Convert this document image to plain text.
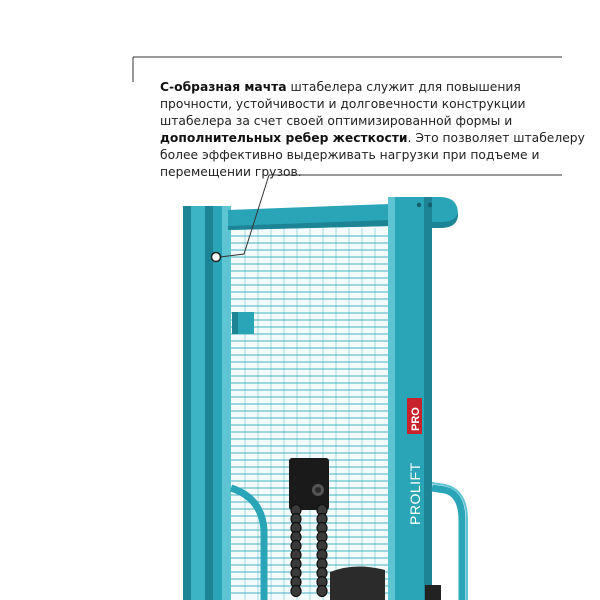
С-образная мачта штабелера служит для повышения прочности, устойчивости и долговечности конструкции штабелера за счет своей оптимизированной формы и дополнительных ребер жесткости. Это позволяет штабелеру более эффективно выдерживать нагрузки при подъеме и перемещении грузов.

PRO
PROLIFT
